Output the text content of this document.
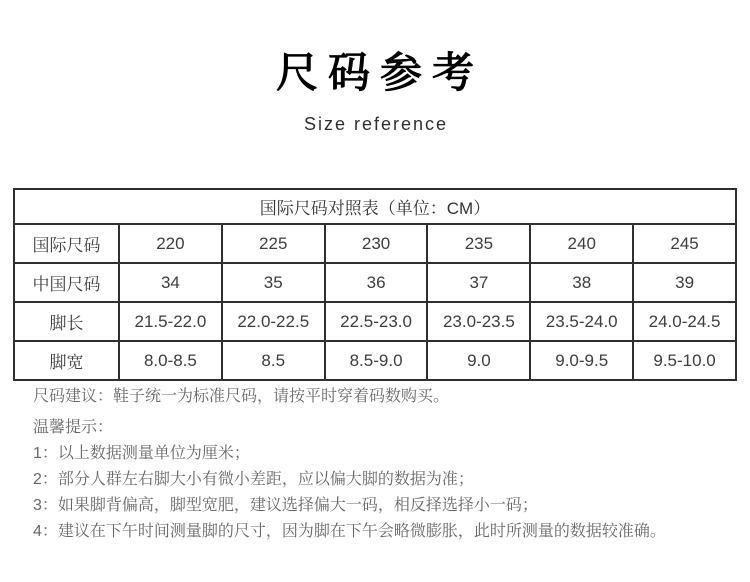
尺码参考
Size reference
国际尺码对照表（单位：CM）						
国际尺码	220	225	230	235	240	245
中国尺码	34	35	36	37	38	39
脚长	21.5-22.0	22.0-22.5	22.5-23.0	23.0-23.5	23.5-24.0	24.0-24.5
脚宽	8.0-8.5	8.5	8.5-9.0	9.0	9.0-9.5	9.5-10.0
尺码建议：鞋子统一为标准尺码，请按平时穿着码数购买。
温馨提示：
1：以上数据测量单位为厘米；
2：部分人群左右脚大小有微小差距，应以偏大脚的数据为准；
3：如果脚背偏高，脚型宽肥，建议选择偏大一码，相反择选择小一码；
4：建议在下午时间测量脚的尺寸，因为脚在下午会略微膨胀，此时所测量的数据较准确。
